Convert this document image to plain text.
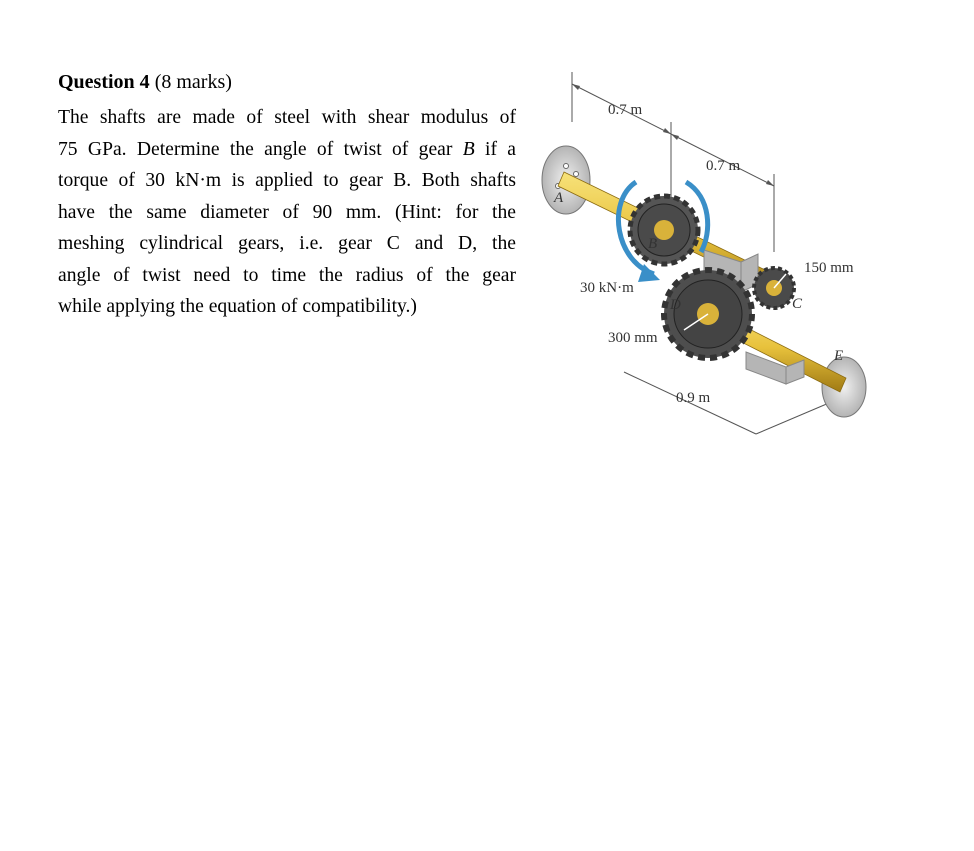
Question 4 (8 marks)
The shafts are made of steel with shear modulus of
75 GPa. Determine the angle of twist of gear B if a
torque of 30 kN·m is applied to gear B. Both shafts
have the same diameter of 90 mm. (Hint: for the
meshing cylindrical gears, i.e. gear C and D, the
angle of twist need to time the radius of the gear
while applying the equation of compatibility.)
0.7 m
0.7 m
0.9 m
150 mm
300 mm
30 kN·m
A
B
C
D
E
